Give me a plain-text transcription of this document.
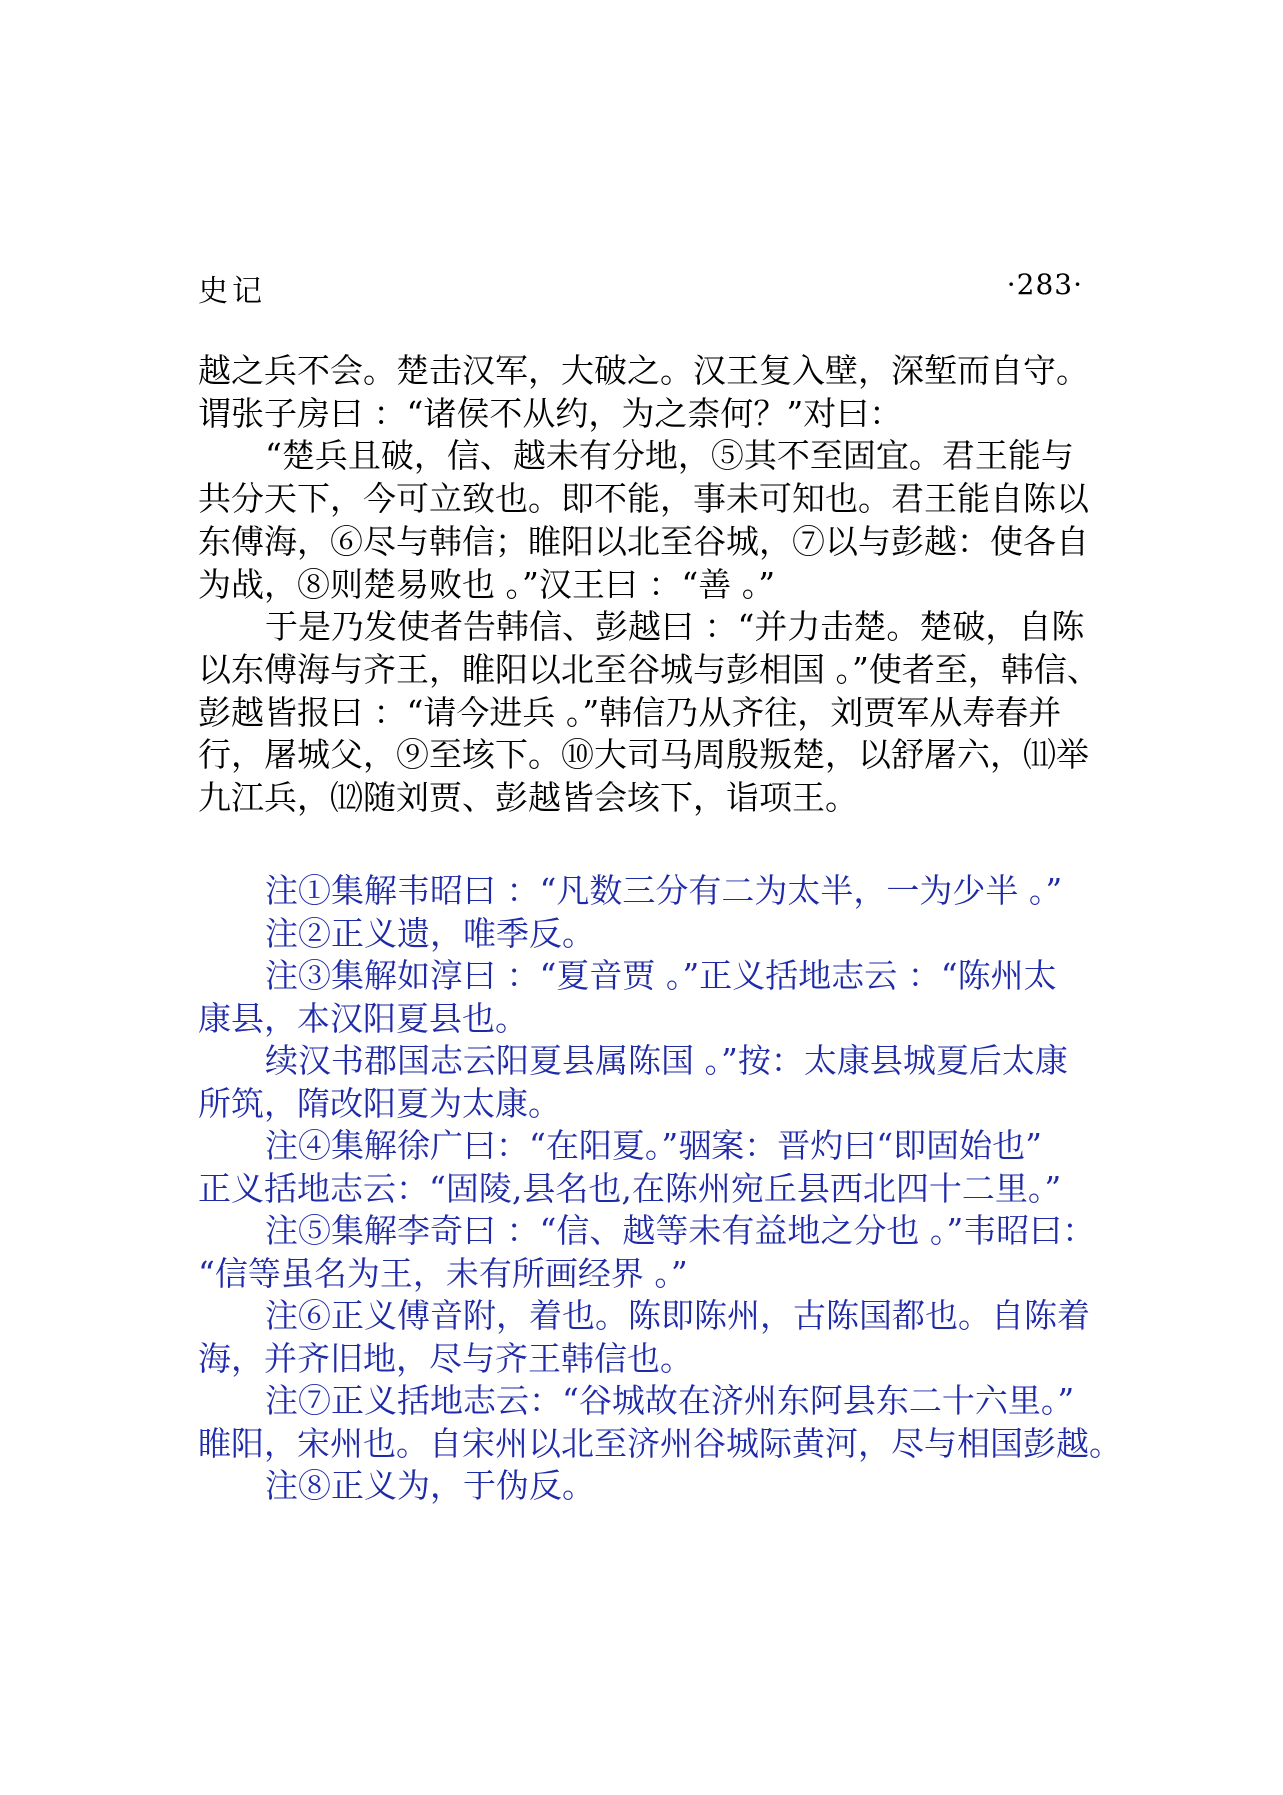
史记	·283·

越之兵不会。楚击汉军，大破之。汉王复入壁，深堑而自守。

谓张子房曰 ：“诸侯不从约，为之柰何？”对曰：

“楚兵且破，信、越未有分地，⑤其不至固宜。君王能与

共分天下，今可立致也。即不能，事未可知也。君王能自陈以

东傅海，⑥尽与韩信；睢阳以北至谷城，⑦以与彭越：使各自

为战，⑧则楚易败也 。”汉王曰 ：“善 。”

于是乃发使者告韩信、彭越曰 ：“并力击楚。楚破，自陈

以东傅海与齐王，睢阳以北至谷城与彭相国 。”使者至，韩信、

彭越皆报曰 ：“请今进兵 。”韩信乃从齐往，刘贾军从寿春并

行，屠城父，⑨至垓下。⑩大司马周殷叛楚，以舒屠六，⑾举

九江兵，⑿随刘贾、彭越皆会垓下，诣项王。

注①集解韦昭曰 ：“凡数三分有二为太半，一为少半 。”

注②正义遗，唯季反。

注③集解如淳曰 ：“夏音贾 。”正义括地志云 ：“陈州太

康县，本汉阳夏县也。

续汉书郡国志云阳夏县属陈国 。”按：太康县城夏后太康

所筑，隋改阳夏为太康。

注④集解徐广曰：“在阳夏。”骃案：晋灼曰“即固始也”

正义括地志云：“固陵,县名也,在陈州宛丘县西北四十二里。”

注⑤集解李奇曰 ：“信、越等未有益地之分也 。”韦昭曰：

“信等虽名为王，未有所画经界 。”

注⑥正义傅音附，着也。陈即陈州，古陈国都也。自陈着

海，并齐旧地，尽与齐王韩信也。

注⑦正义括地志云：“谷城故在济州东阿县东二十六里。”

睢阳，宋州也。自宋州以北至济州谷城际黄河，尽与相国彭越。

注⑧正义为，于伪反。
